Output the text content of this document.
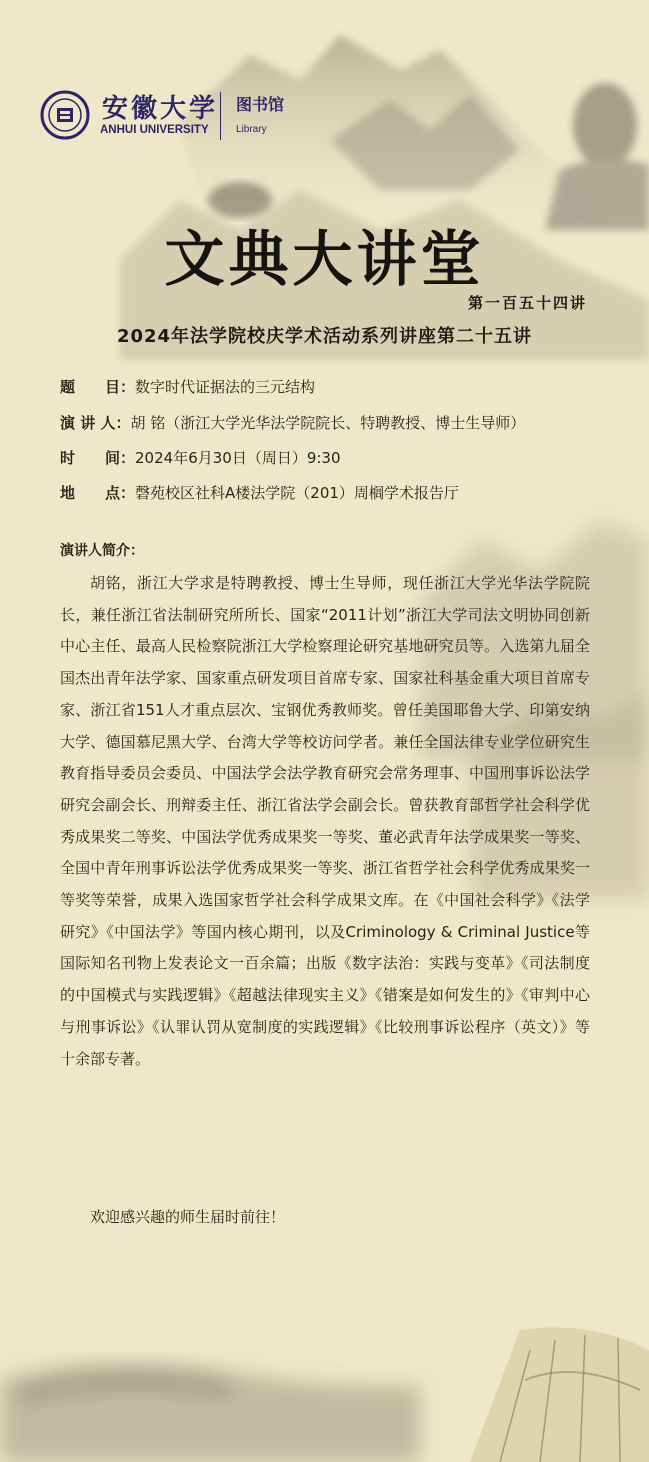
安徽大学
ANHUI UNIVERSITY
图书馆
Library
文典大讲堂
第一百五十四讲
2024年法学院校庆学术活动系列讲座第二十五讲
题　　目：数字时代证据法的三元结构
演 讲 人：胡 铭（浙江大学光华法学院院长、特聘教授、博士生导师）
时　　间：2024年6月30日（周日）9:30
地　　点：磬苑校区社科A楼法学院（201）周榈学术报告厅
演讲人简介：

胡铭，浙江大学求是特聘教授、博士生导师，现任浙江大学光华法学院院长，兼任浙江省法制研究所所长、国家“2011计划”浙江大学司法文明协同创新中心主任、最高人民检察院浙江大学检察理论研究基地研究员等。入选第九届全国杰出青年法学家、国家重点研发项目首席专家、国家社科基金重大项目首席专家、浙江省151人才重点层次、宝钢优秀教师奖。曾任美国耶鲁大学、印第安纳大学、德国慕尼黑大学、台湾大学等校访问学者。兼任全国法律专业学位研究生教育指导委员会委员、中国法学会法学教育研究会常务理事、中国刑事诉讼法学研究会副会长、刑辩委主任、浙江省法学会副会长。曾获教育部哲学社会科学优秀成果奖二等奖、中国法学优秀成果奖一等奖、董必武青年法学成果奖一等奖、全国中青年刑事诉讼法学优秀成果奖一等奖、浙江省哲学社会科学优秀成果奖一等奖等荣誉，成果入选国家哲学社会科学成果文库。在《中国社会科学》《法学研究》《中国法学》等国内核心期刊，以及Criminology & Criminal Justice等国际知名刊物上发表论文一百余篇；出版《数字法治：实践与变革》《司法制度的中国模式与实践逻辑》《超越法律现实主义》《错案是如何发生的》《审判中心与刑事诉讼》《认罪认罚从宽制度的实践逻辑》《比较刑事诉讼程序（英文）》等十余部专著。

欢迎感兴趣的师生届时前往！
